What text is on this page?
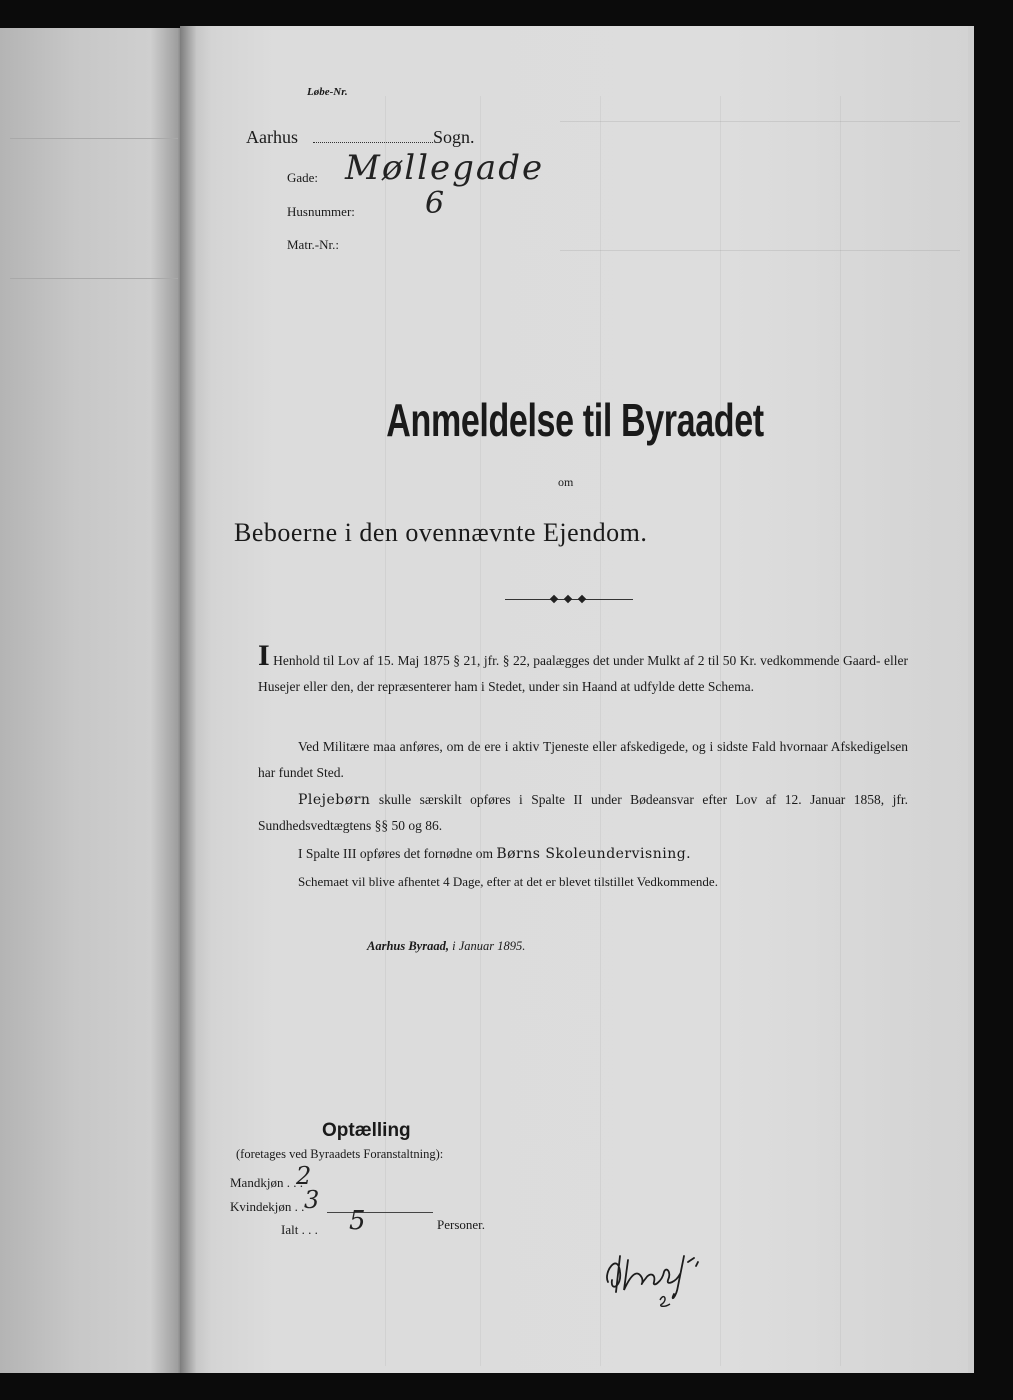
Løbe-Nr.
Aarhus	Sogn.
Gade: Møllegade
Husnummer: 6
Matr.-Nr.:
Anmeldelse til Byraadet
om
Beboerne i den ovennævnte Ejendom.
I Henhold til Lov af 15. Maj 1875 § 21, jfr. § 22, paalægges det under Mulkt af 2 til 50 Kr. vedkommende Gaard- eller Husejer eller den, der repræsenterer ham i Stedet, under sin Haand at udfylde dette Schema.
Ved Militære maa anføres, om de ere i aktiv Tjeneste eller afskedigede, og i sidste Fald hvornaar Afskedigelsen har fundet Sted.
Plejebørn skulle særskilt opføres i Spalte II under Bødeansvar efter Lov af 12. Januar 1858, jfr. Sundhedsvedtægtens §§ 50 og 86.
I Spalte III opføres det fornødne om Børns Skoleundervisning.
Schemaet vil blive afhentet 4 Dage, efter at det er blevet tilstillet Vedkommende.
Aarhus Byraad, i Januar 1895.
Optælling
(foretages ved Byraadets Foranstaltning):
Mandkjøn . . .
2
Kvindekjøn . . 3
Ialt . . . 5	Personer.
